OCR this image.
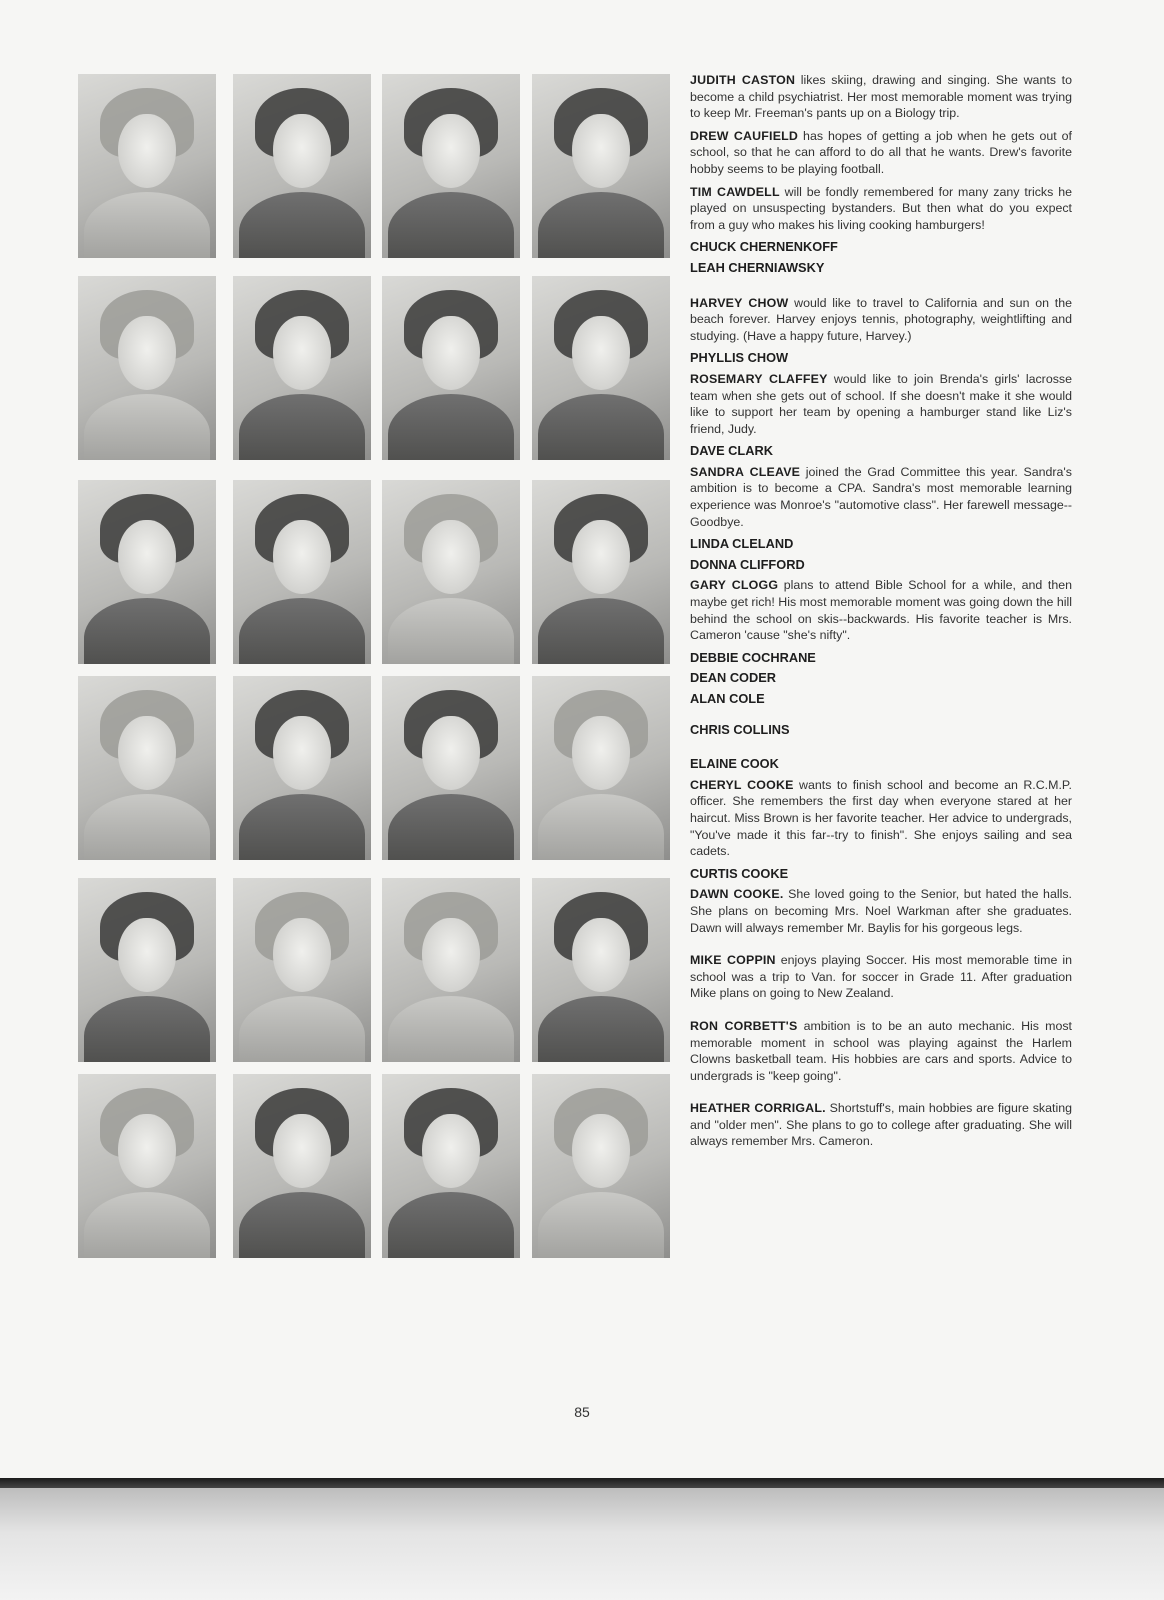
JUDITH CASTON likes skiing, drawing and singing. She wants to become a child psychiatrist. Her most memorable moment was trying to keep Mr. Freeman's pants up on a Biology trip.

DREW CAUFIELD has hopes of getting a job when he gets out of school, so that he can afford to do all that he wants. Drew's favorite hobby seems to be playing football.

TIM CAWDELL will be fondly remembered for many zany tricks he played on unsuspecting bystanders. But then what do you expect from a guy who makes his living cooking hamburgers!

CHUCK CHERNENKOFF
LEAH CHERNIAWSKY

HARVEY CHOW would like to travel to California and sun on the beach forever. Harvey enjoys tennis, photography, weightlifting and studying. (Have a happy future, Harvey.)

PHYLLIS CHOW

ROSEMARY CLAFFEY would like to join Brenda's girls' lacrosse team when she gets out of school. If she doesn't make it she would like to support her team by opening a hamburger stand like Liz's friend, Judy.

DAVE CLARK

SANDRA CLEAVE joined the Grad Committee this year. Sandra's ambition is to become a CPA. Sandra's most memorable learning experience was Monroe's "automotive class". Her farewell message--Goodbye.

LINDA CLELAND
DONNA CLIFFORD

GARY CLOGG plans to attend Bible School for a while, and then maybe get rich! His most memorable moment was going down the hill behind the school on skis--backwards. His favorite teacher is Mrs. Cameron 'cause "she's nifty".

DEBBIE COCHRANE
DEAN CODER
ALAN COLE
CHRIS COLLINS
ELAINE COOK

CHERYL COOKE wants to finish school and become an R.C.M.P. officer. She remembers the first day when everyone stared at her haircut. Miss Brown is her favorite teacher. Her advice to undergrads, "You've made it this far--try to finish". She enjoys sailing and sea cadets.

CURTIS COOKE

DAWN COOKE. She loved going to the Senior, but hated the halls. She plans on becoming Mrs. Noel Warkman after she graduates. Dawn will always remember Mr. Baylis for his gorgeous legs.

MIKE COPPIN enjoys playing Soccer. His most memorable time in school was a trip to Van. for soccer in Grade 11. After graduation Mike plans on going to New Zealand.

RON CORBETT'S ambition is to be an auto mechanic. His most memorable moment in school was playing against the Harlem Clowns basketball team. His hobbies are cars and sports. Advice to undergrads is "keep going".

HEATHER CORRIGAL. Shortstuff's, main hobbies are figure skating and "older men". She plans to go to college after graduating. She will always remember Mrs. Cameron.

85
